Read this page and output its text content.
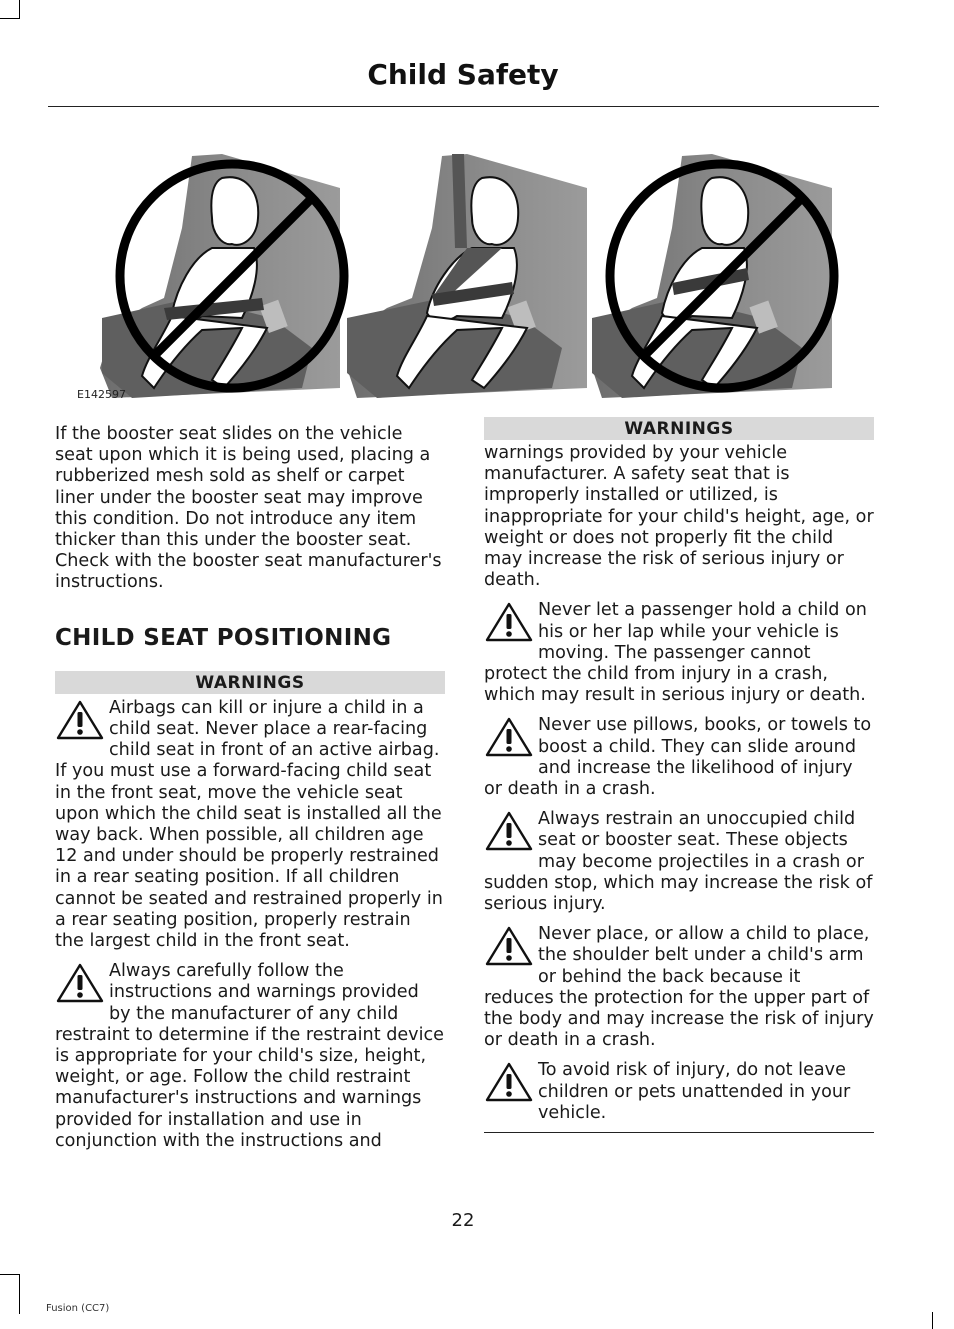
Child Safety
E142597

If the booster seat slides on the vehicle seat upon which it is being used, placing a rubberized mesh sold as shelf or carpet liner under the booster seat may improve this condition. Do not introduce any item thicker than this under the booster seat. Check with the booster seat manufacturer's instructions.

CHILD SEAT POSITIONING

WARNINGS

Airbags can kill or injure a child in a child seat. Never place a rear-facing child seat in front of an active airbag. If you must use a forward-facing child seat in the front seat, move the vehicle seat upon which the child seat is installed all the way back. When possible, all children age 12 and under should be properly restrained in a rear seating position. If all children cannot be seated and restrained properly in a rear seating position, properly restrain the largest child in the front seat.

Always carefully follow the instructions and warnings provided by the manufacturer of any child restraint to determine if the restraint device is appropriate for your child's size, height, weight, or age. Follow the child restraint manufacturer's instructions and warnings provided for installation and use in conjunction with the instructions and

WARNINGS

warnings provided by your vehicle manufacturer. A safety seat that is improperly installed or utilized, is inappropriate for your child's height, age, or weight or does not properly fit the child may increase the risk of serious injury or death.

Never let a passenger hold a child on his or her lap while your vehicle is moving. The passenger cannot protect the child from injury in a crash, which may result in serious injury or death.

Never use pillows, books, or towels to boost a child. They can slide around and increase the likelihood of injury or death in a crash.

Always restrain an unoccupied child seat or booster seat. These objects may become projectiles in a crash or sudden stop, which may increase the risk of serious injury.

Never place, or allow a child to place, the shoulder belt under a child's arm or behind the back because it reduces the protection for the upper part of the body and may increase the risk of injury or death in a crash.

To avoid risk of injury, do not leave children or pets unattended in your vehicle.

22
Fusion (CC7)
